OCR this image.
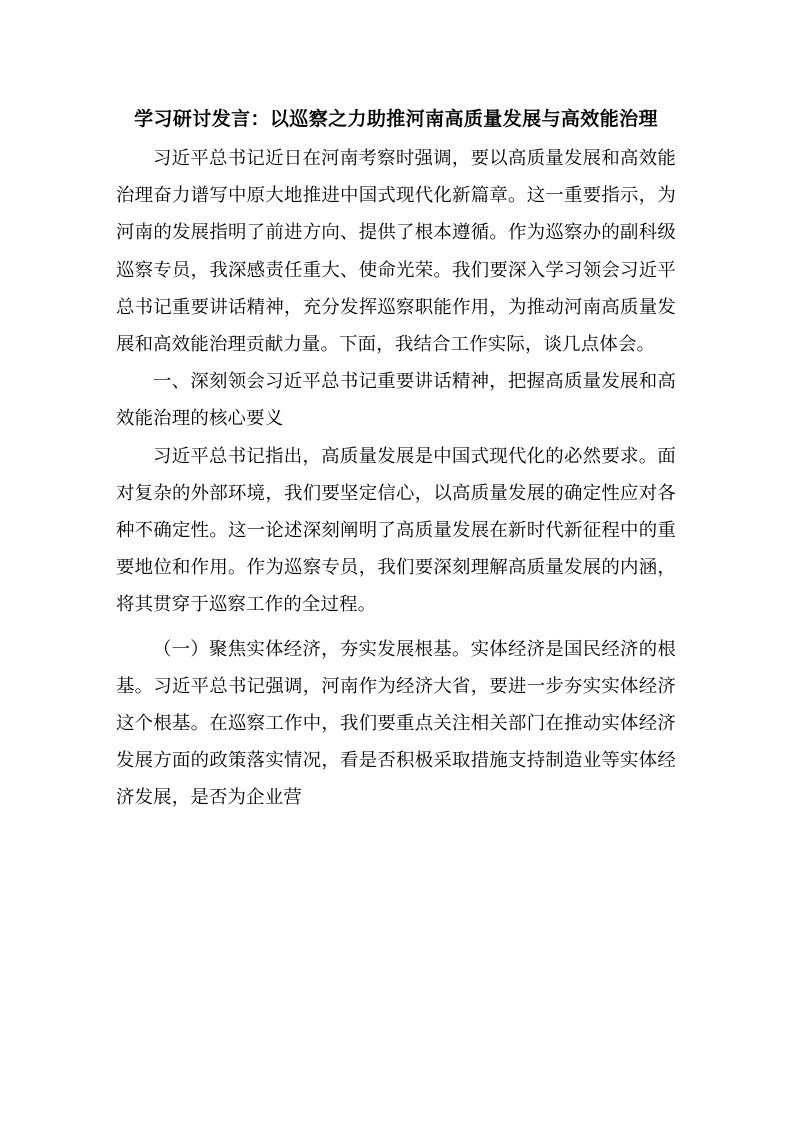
学习研讨发言：以巡察之力助推河南高质量发展与高效能治理

习近平总书记近日在河南考察时强调，要以高质量发展和高效能治理奋力谱写中原大地推进中国式现代化新篇章。这一重要指示，为河南的发展指明了前进方向、提供了根本遵循。作为巡察办的副科级巡察专员，我深感责任重大、使命光荣。我们要深入学习领会习近平总书记重要讲话精神，充分发挥巡察职能作用，为推动河南高质量发展和高效能治理贡献力量。下面，我结合工作实际，谈几点体会。

一、深刻领会习近平总书记重要讲话精神，把握高质量发展和高效能治理的核心要义

习近平总书记指出，高质量发展是中国式现代化的必然要求。面对复杂的外部环境，我们要坚定信心，以高质量发展的确定性应对各种不确定性。这一论述深刻阐明了高质量发展在新时代新征程中的重要地位和作用。作为巡察专员，我们要深刻理解高质量发展的内涵，将其贯穿于巡察工作的全过程。

（一）聚焦实体经济，夯实发展根基。实体经济是国民经济的根基。习近平总书记强调，河南作为经济大省，要进一步夯实实体经济这个根基。在巡察工作中，我们要重点关注相关部门在推动实体经济发展方面的政策落实情况，看是否积极采取措施支持制造业等实体经济发展，是否为企业营
